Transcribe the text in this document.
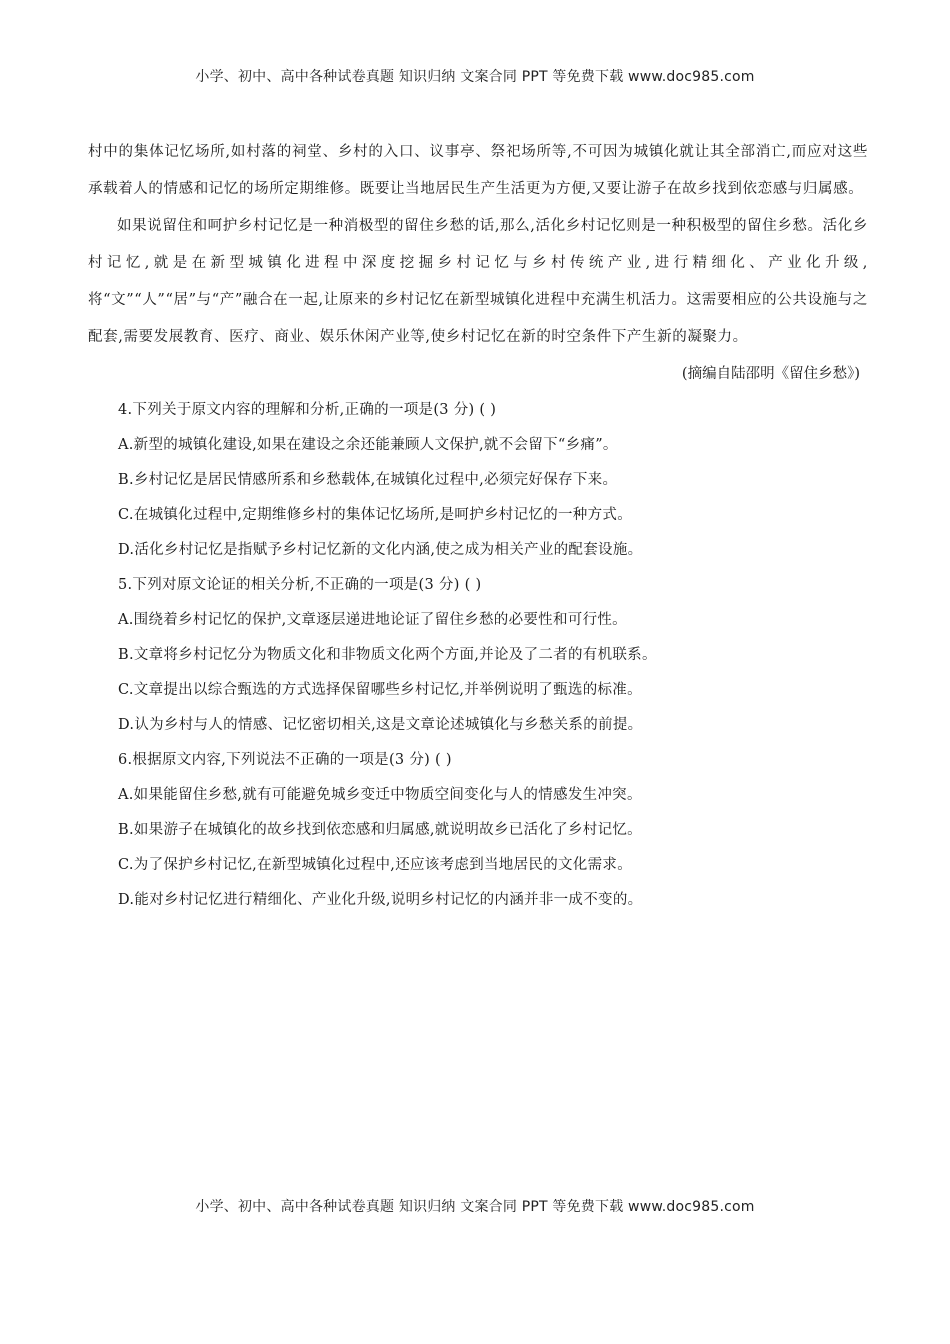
小学、初中、高中各种试卷真题 知识归纳 文案合同 PPT 等免费下载 www.doc985.com

村中的集体记忆场所,如村落的祠堂、乡村的入口、议事亭、祭祀场所等,不可因为城镇化就让其全部消亡,而应对这些承载着人的情感和记忆的场所定期维修。既要让当地居民生产生活更为方便,又要让游子在故乡找到依恋感与归属感。

如果说留住和呵护乡村记忆是一种消极型的留住乡愁的话,那么,活化乡村记忆则是一种积极型的留住乡愁。活化乡村记忆,就是在新型城镇化进程中深度挖掘乡村记忆与乡村传统产业,进行精细化、产业化升级,将“文”“人”“居”与“产”融合在一起,让原来的乡村记忆在新型城镇化进程中充满生机活力。这需要相应的公共设施与之配套,需要发展教育、医疗、商业、娱乐休闲产业等,使乡村记忆在新的时空条件下产生新的凝聚力。

(摘编自陆邵明《留住乡愁》)

4.下列关于原文内容的理解和分析,正确的一项是(3 分) ( )

A.新型的城镇化建设,如果在建设之余还能兼顾人文保护,就不会留下“乡痛”。

B.乡村记忆是居民情感所系和乡愁载体,在城镇化过程中,必须完好保存下来。

C.在城镇化过程中,定期维修乡村的集体记忆场所,是呵护乡村记忆的一种方式。

D.活化乡村记忆是指赋予乡村记忆新的文化内涵,使之成为相关产业的配套设施。

5.下列对原文论证的相关分析,不正确的一项是(3 分) ( )

A.围绕着乡村记忆的保护,文章逐层递进地论证了留住乡愁的必要性和可行性。

B.文章将乡村记忆分为物质文化和非物质文化两个方面,并论及了二者的有机联系。

C.文章提出以综合甄选的方式选择保留哪些乡村记忆,并举例说明了甄选的标准。

D.认为乡村与人的情感、记忆密切相关,这是文章论述城镇化与乡愁关系的前提。

6.根据原文内容,下列说法不正确的一项是(3 分) ( )

A.如果能留住乡愁,就有可能避免城乡变迁中物质空间变化与人的情感发生冲突。

B.如果游子在城镇化的故乡找到依恋感和归属感,就说明故乡已活化了乡村记忆。

C.为了保护乡村记忆,在新型城镇化过程中,还应该考虑到当地居民的文化需求。

D.能对乡村记忆进行精细化、产业化升级,说明乡村记忆的内涵并非一成不变的。

小学、初中、高中各种试卷真题 知识归纳 文案合同 PPT 等免费下载 www.doc985.com
